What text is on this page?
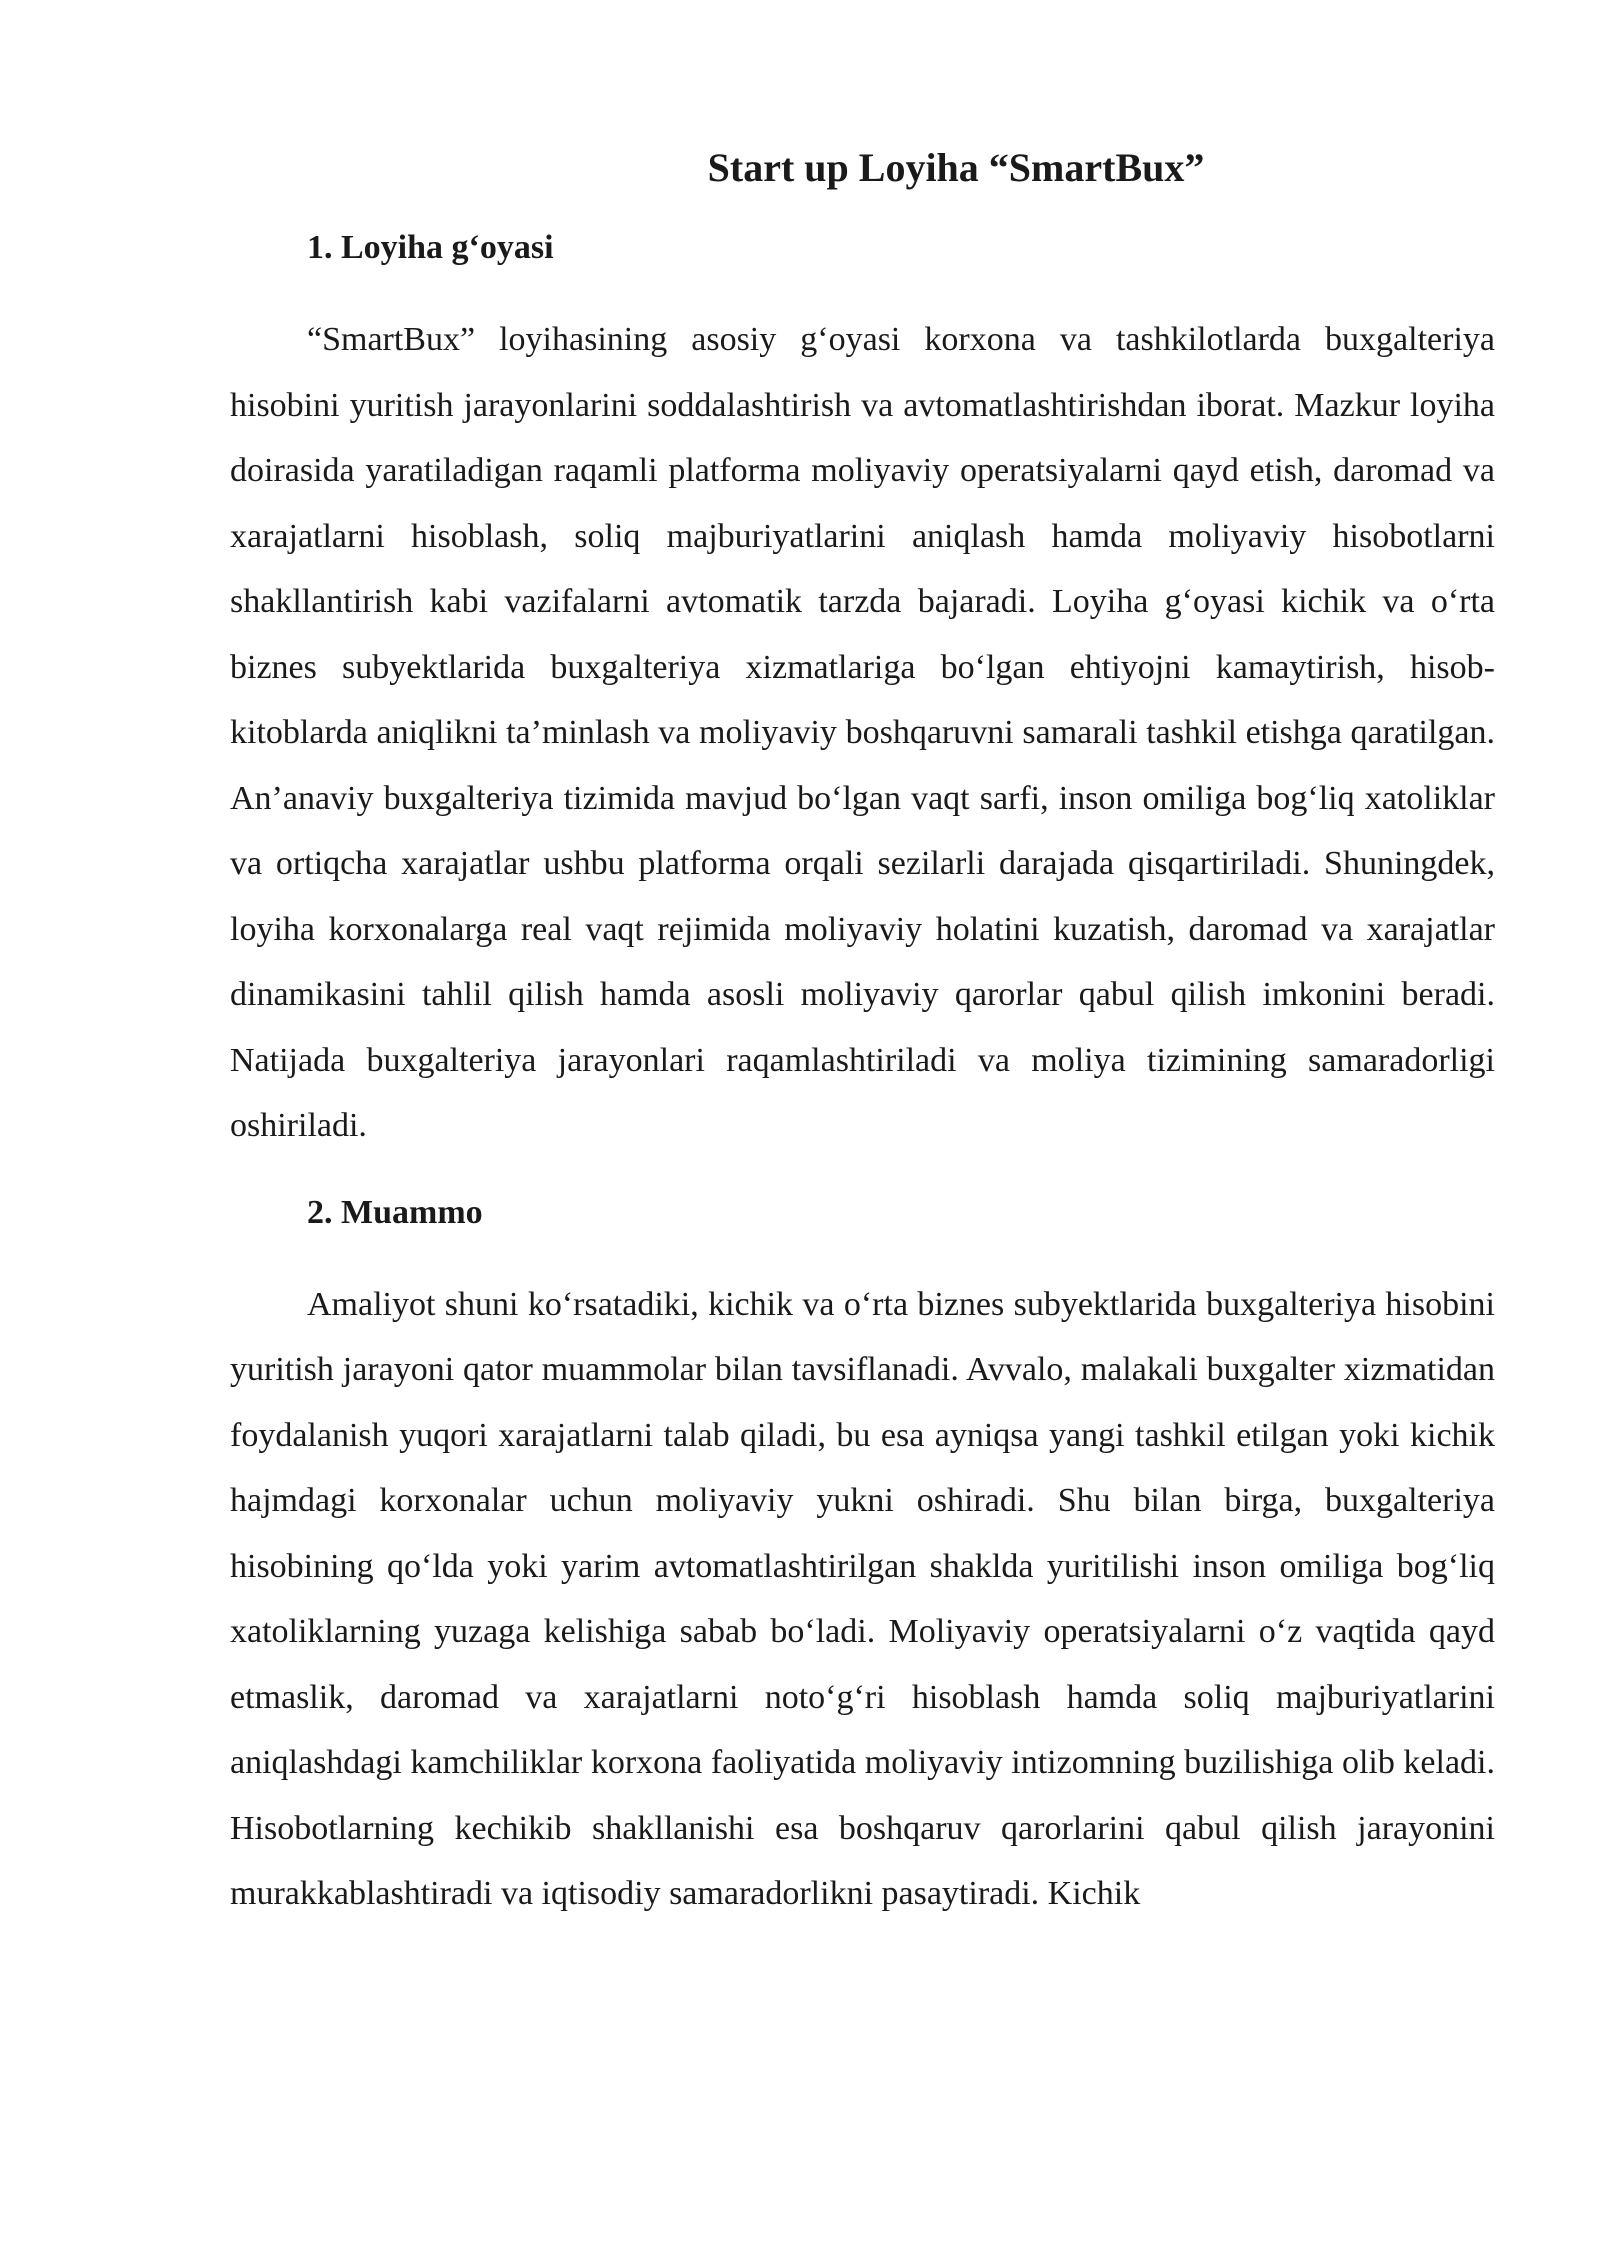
Start up Loyiha “SmartBux”
1. Loyiha g‘oyasi

“SmartBux” loyihasining asosiy g‘oyasi korxona va tashkilotlarda buxgalteriya hisobini yuritish jarayonlarini soddalashtirish va avtomatlashtirishdan iborat. Mazkur loyiha doirasida yaratiladigan raqamli platforma moliyaviy operatsiyalarni qayd etish, daromad va xarajatlarni hisoblash, soliq majburiyatlarini aniqlash hamda moliyaviy hisobotlarni shakllantirish kabi vazifalarni avtomatik tarzda bajaradi. Loyiha g‘oyasi kichik va o‘rta biznes subyektlarida buxgalteriya xizmatlariga bo‘lgan ehtiyojni kamaytirish, hisob-kitoblarda aniqlikni ta’minlash va moliyaviy boshqaruvni samarali tashkil etishga qaratilgan. An’anaviy buxgalteriya tizimida mavjud bo‘lgan vaqt sarfi, inson omiliga bog‘liq xatoliklar va ortiqcha xarajatlar ushbu platforma orqali sezilarli darajada qisqartiriladi. Shuningdek, loyiha korxonalarga real vaqt rejimida moliyaviy holatini kuzatish, daromad va xarajatlar dinamikasini tahlil qilish hamda asosli moliyaviy qarorlar qabul qilish imkonini beradi. Natijada buxgalteriya jarayonlari raqamlashtiriladi va moliya tizimining samaradorligi oshiriladi.

2. Muammo

Amaliyot shuni ko‘rsatadiki, kichik va o‘rta biznes subyektlarida buxgalteriya hisobini yuritish jarayoni qator muammolar bilan tavsiflanadi. Avvalo, malakali buxgalter xizmatidan foydalanish yuqori xarajatlarni talab qiladi, bu esa ayniqsa yangi tashkil etilgan yoki kichik hajmdagi korxonalar uchun moliyaviy yukni oshiradi. Shu bilan birga, buxgalteriya hisobining qo‘lda yoki yarim avtomatlashtirilgan shaklda yuritilishi inson omiliga bog‘liq xatoliklarning yuzaga kelishiga sabab bo‘ladi. Moliyaviy operatsiyalarni o‘z vaqtida qayd etmaslik, daromad va xarajatlarni noto‘g‘ri hisoblash hamda soliq majburiyatlarini aniqlashdagi kamchiliklar korxona faoliyatida moliyaviy intizomning buzilishiga olib keladi. Hisobotlarning kechikib shakllanishi esa boshqaruv qarorlarini qabul qilish jarayonini murakkablashtiradi va iqtisodiy samaradorlikni pasaytiradi. Kichik
